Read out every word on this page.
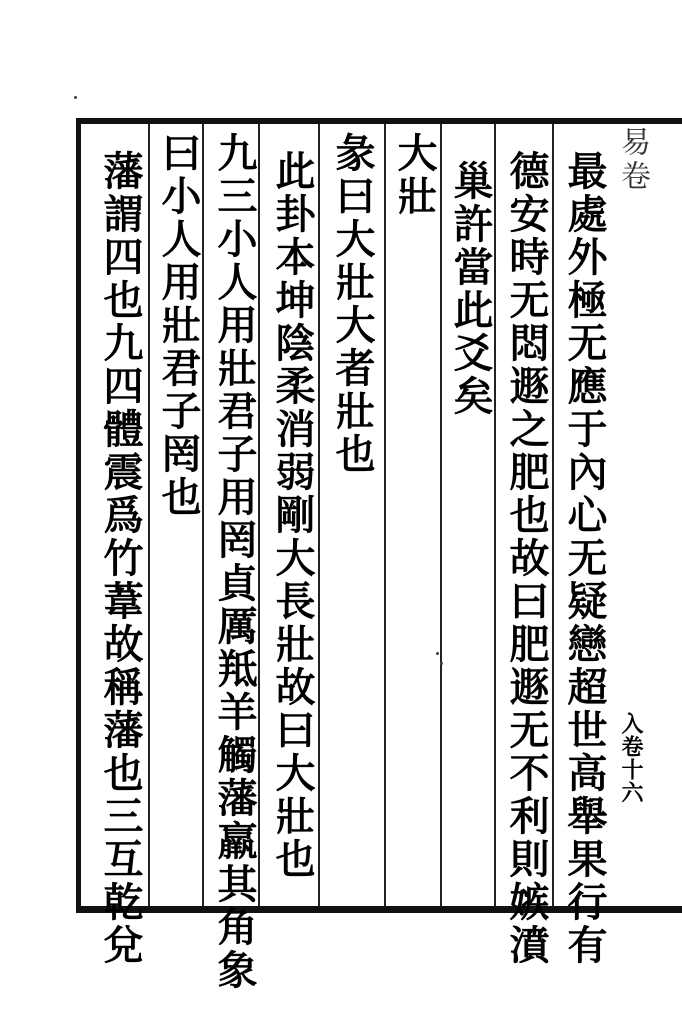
易卷
最處外極无應于內心无疑戀超世高舉果行有
德安時无悶遯之肥也故曰肥遯无不利則嫉濆
巢許當此爻矣
大壯
彖曰大壯大者壯也
此卦本坤陰柔消弱剛大長壯故曰大壯也
九三小人用壯君子用罔貞厲羝羊觸藩羸其角象
曰小人用壯君子罔也
藩謂四也九四體震爲竹葦故稱藩也三互乾兌	入卷十六
